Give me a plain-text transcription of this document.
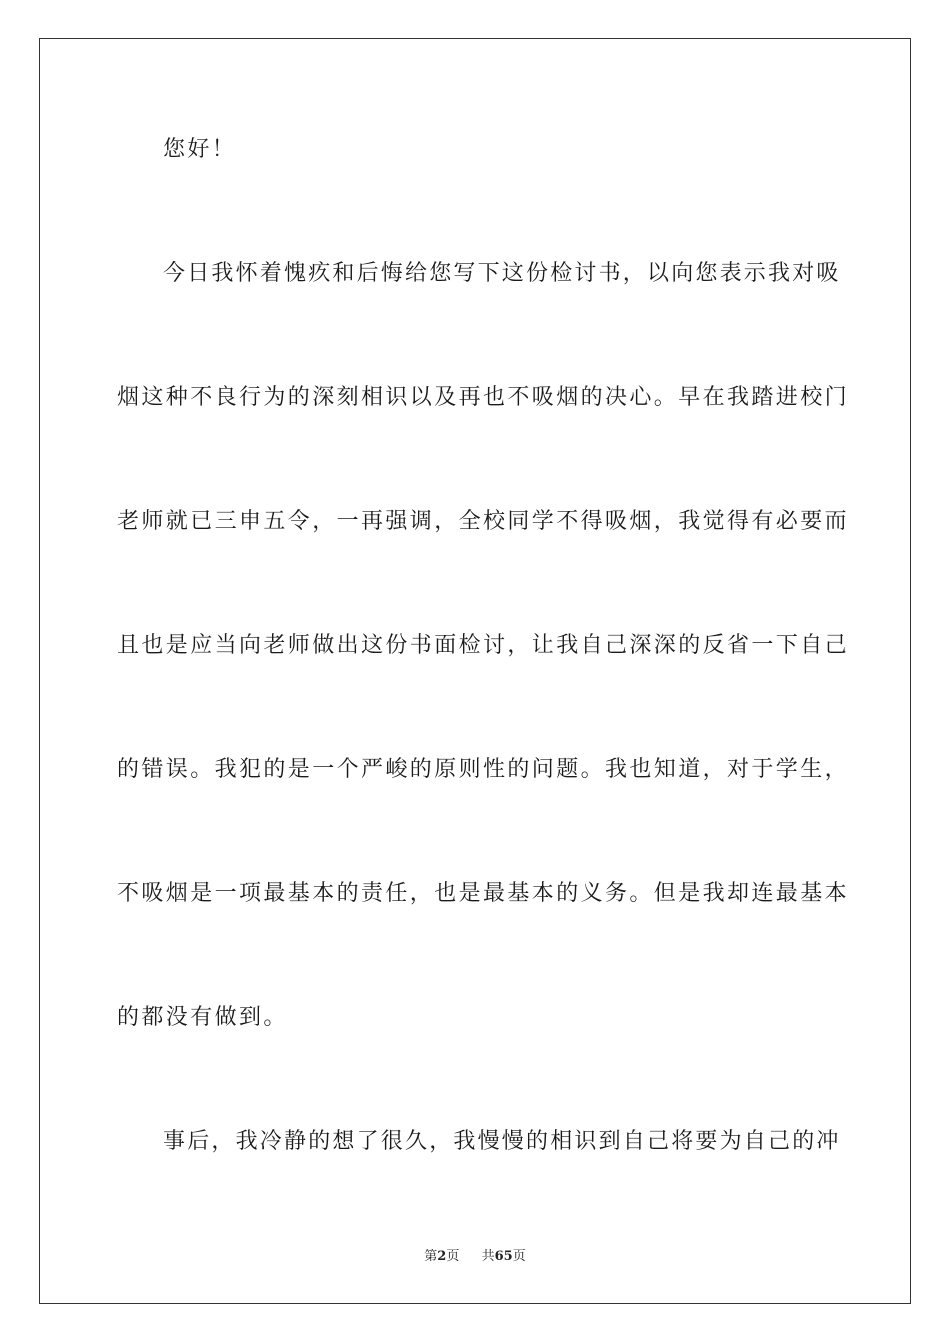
您好！
今日我怀着愧疚和后悔给您写下这份检讨书，以向您表示我对吸
烟这种不良行为的深刻相识以及再也不吸烟的决心。早在我踏进校门
老师就已三申五令，一再强调，全校同学不得吸烟，我觉得有必要而
且也是应当向老师做出这份书面检讨，让我自己深深的反省一下自己
的错误。我犯的是一个严峻的原则性的问题。我也知道，对于学生，
不吸烟是一项最基本的责任，也是最基本的义务。但是我却连最基本
的都没有做到。
事后，我冷静的想了很久，我慢慢的相识到自己将要为自己的冲
第2页 共65页
